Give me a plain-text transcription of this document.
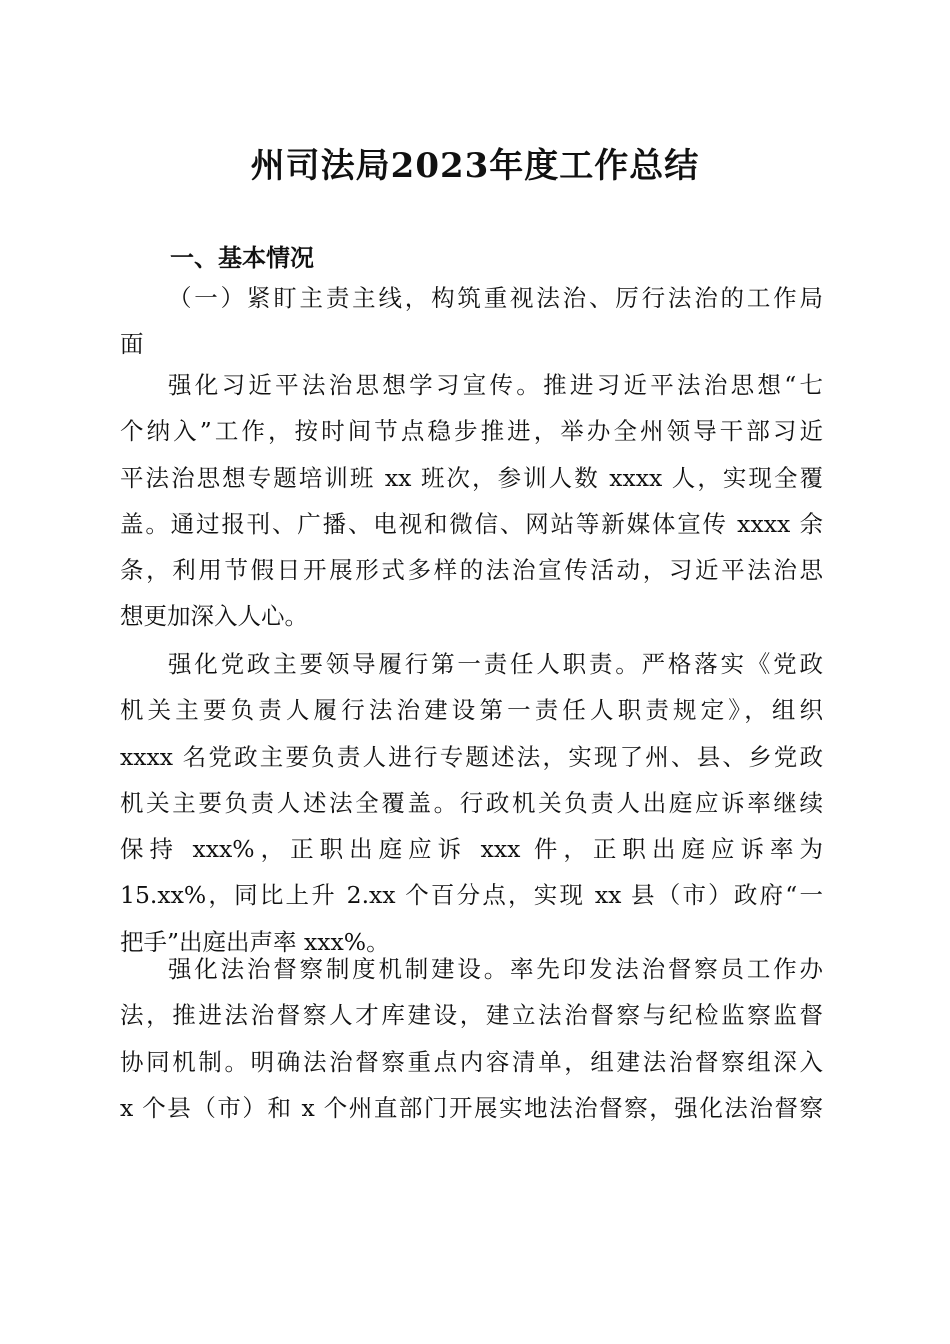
州司法局2023年度工作总结
一、基本情况
（一）紧盯主责主线，构筑重视法治、厉行法治的工作局
面
强化习近平法治思想学习宣传。推进习近平法治思想“七
个纳入”工作，按时间节点稳步推进，举办全州领导干部习近
平法治思想专题培训班 xx 班次，参训人数 xxxx 人，实现全覆
盖。通过报刊、广播、电视和微信、网站等新媒体宣传 xxxx 余
条，利用节假日开展形式多样的法治宣传活动，习近平法治思
想更加深入人心。
强化党政主要领导履行第一责任人职责。严格落实《党政
机关主要负责人履行法治建设第一责任人职责规定》，组织
xxxx 名党政主要负责人进行专题述法，实现了州、县、乡党政
机关主要负责人述法全覆盖。行政机关负责人出庭应诉率继续
保持 xxx%，正职出庭应诉 xxx 件，正职出庭应诉率为
15.xx%，同比上升 2.xx 个百分点，实现 xx 县（市）政府“一
把手”出庭出声率 xxx%。
强化法治督察制度机制建设。率先印发法治督察员工作办
法，推进法治督察人才库建设，建立法治督察与纪检监察监督
协同机制。明确法治督察重点内容清单，组建法治督察组深入
x 个县（市）和 x 个州直部门开展实地法治督察，强化法治督察
